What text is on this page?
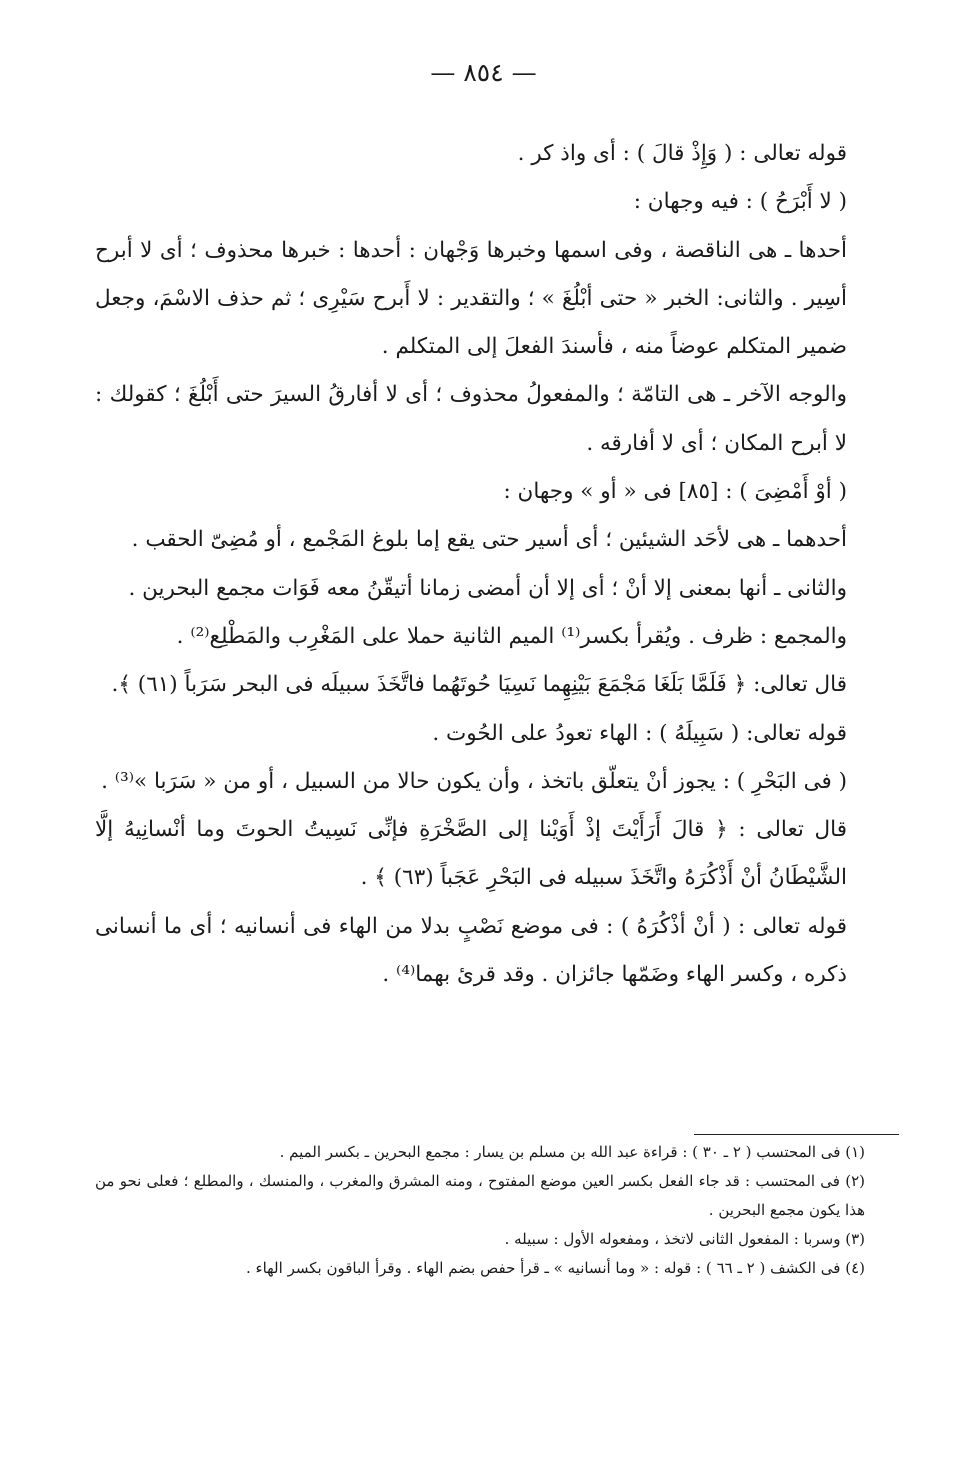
— ٨٥٤ —

قوله تعالى : ( وَإِذْ قالَ ) : أى واذ كر .

( لا أَبْرَحُ ) : فيه وجهان :

أحدها ـ هى الناقصة ، وفى اسمها وخبرها وَجْهان : أحدها : خبرها محذوف ؛ أى لا أبرح أسِير . والثانى: الخبر « حتى أبْلُغَ » ؛ والتقدير : لا أَبرح سَيْرِى ؛ ثم حذف الاسْمَ، وجعل ضمير المتكلم عوضاً منه ، فأسندَ الفعلَ إلى المتكلم .

والوجه الآخر ـ هى التامّة ؛ والمفعولُ محذوف ؛ أى لا أفارقُ السيرَ حتى أَبْلُغَ ؛ كقولك : لا أبرح المكان ؛ أى لا أفارقه .

( أوْ أَمْضِىَ ) : [٨٥] فى « أو » وجهان :

أحدهما ـ هى لأحَد الشيئين ؛ أى أسير حتى يقع إما بلوغ المَجْمع ، أو مُضِىّ الحقب .

والثانى ـ أنها بمعنى إلا أنْ ؛ أى إلا أن أمضى زمانا أتيقّنُ معه فَوَات مجمع البحرين .

والمجمع : ظرف . ويُقرأ بكسر⁽¹⁾ الميم الثانية حملا على المَغْرِب والمَطْلِع⁽²⁾ .

قال تعالى: ﴿ فَلَمَّا بَلَغَا مَجْمَعَ بَيْنِهِما نَسِيَا حُوتَهُما فاتَّخَذَ سبيلَه فى البحر سَرَباً (٦١) ﴾.

قوله تعالى: ( سَبِيلَهُ ) : الهاء تعودُ على الحُوت .

( فى البَحْرِ ) : يجوز أنْ يتعلّق باتخذ ، وأن يكون حالا من السبيل ، أو من « سَرَبا »⁽³⁾ .

قال تعالى : ﴿ قالَ أَرَأَيْتَ إذْ أَوَيْنا إلى الصَّخْرَةِ فإنِّى نَسِيتُ الحوتَ وما أنْسانِيهُ إلَّا الشَّيْطَانُ أنْ أَذْكُرَهُ واتَّخَذَ سبيله فى البَحْرِ عَجَباً (٦٣) ﴾ .

قوله تعالى : ( أنْ أذْكُرَهُ ) : فى موضع نَصْبٍ بدلا من الهاء فى أنسانيه ؛ أى ما أنسانى ذكره ، وكسر الهاء وضَمّها جائزان . وقد قرئ بهما⁽⁴⁾ .

(١) فى المحتسب ( ٢ ـ ٣٠ ) : قراءة عبد الله بن مسلم بن يسار : مجمع البحرين ـ بكسر الميم .

(٢) فى المحتسب : قد جاء الفعل بكسر العين موضع المفتوح ، ومنه المشرق والمغرب ، والمنسك ، والمطلع ؛ فعلى نحو من هذا يكون مجمع البحرين .

(٣) وسربا : المفعول الثانى لاتخذ ، ومفعوله الأول : سبيله .

(٤) فى الكشف ( ٢ ـ ٦٦ ) : قوله : « وما أنسانيه » ـ قرأ حفص بضم الهاء . وقرأ الباقون بكسر الهاء .
